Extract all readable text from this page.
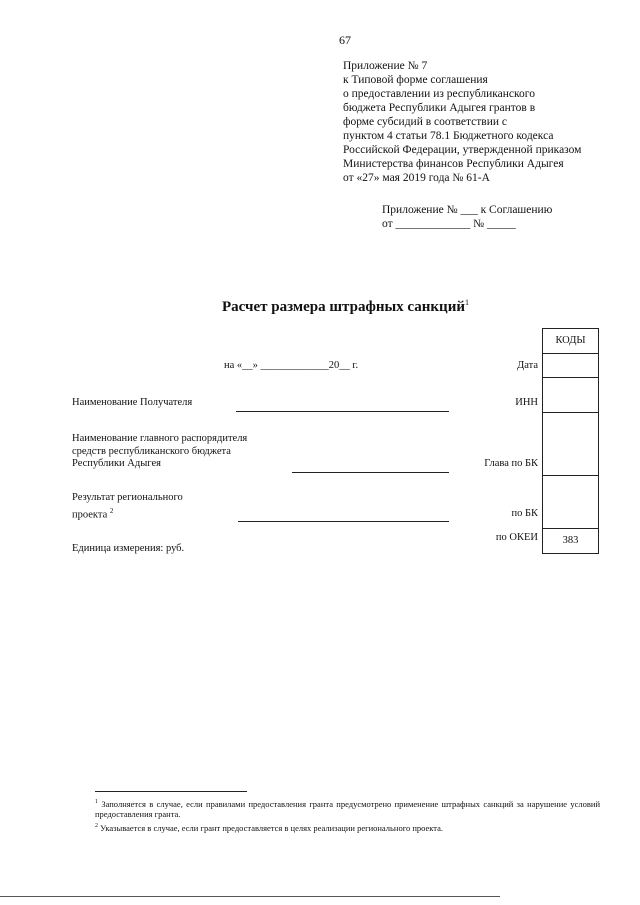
67
Приложение № 7
к Типовой форме соглашения
о предоставлении из республиканского
бюджета Республики Адыгея грантов в
форме субсидий в соответствии с
пунктом 4 статьи 78.1 Бюджетного кодекса
Российской Федерации, утвержденной приказом
Министерства финансов Республики Адыгея
от «27» мая 2019 года № 61-А
Приложение № ___ к Соглашению
от _____________ № _____
Расчет размера штрафных санкций$^1$
КОДЫ
383
Дата
ИНН
Глава по БК
по БК
по ОКЕИ
на «__» _____________20__ г.
Наименование Получателя
Наименование главного распорядителя
средств республиканского бюджета
Республики Адыгея
Результат регионального
проекта $^2$
Единица измерения: руб.
$^1$ Заполняется в случае, если правилами предоставления гранта предусмотрено применение штрафных санкций за нарушение условий предоставления гранта.
$^2$ Указывается в случае, если грант предоставляется в целях реализации регионального проекта.
